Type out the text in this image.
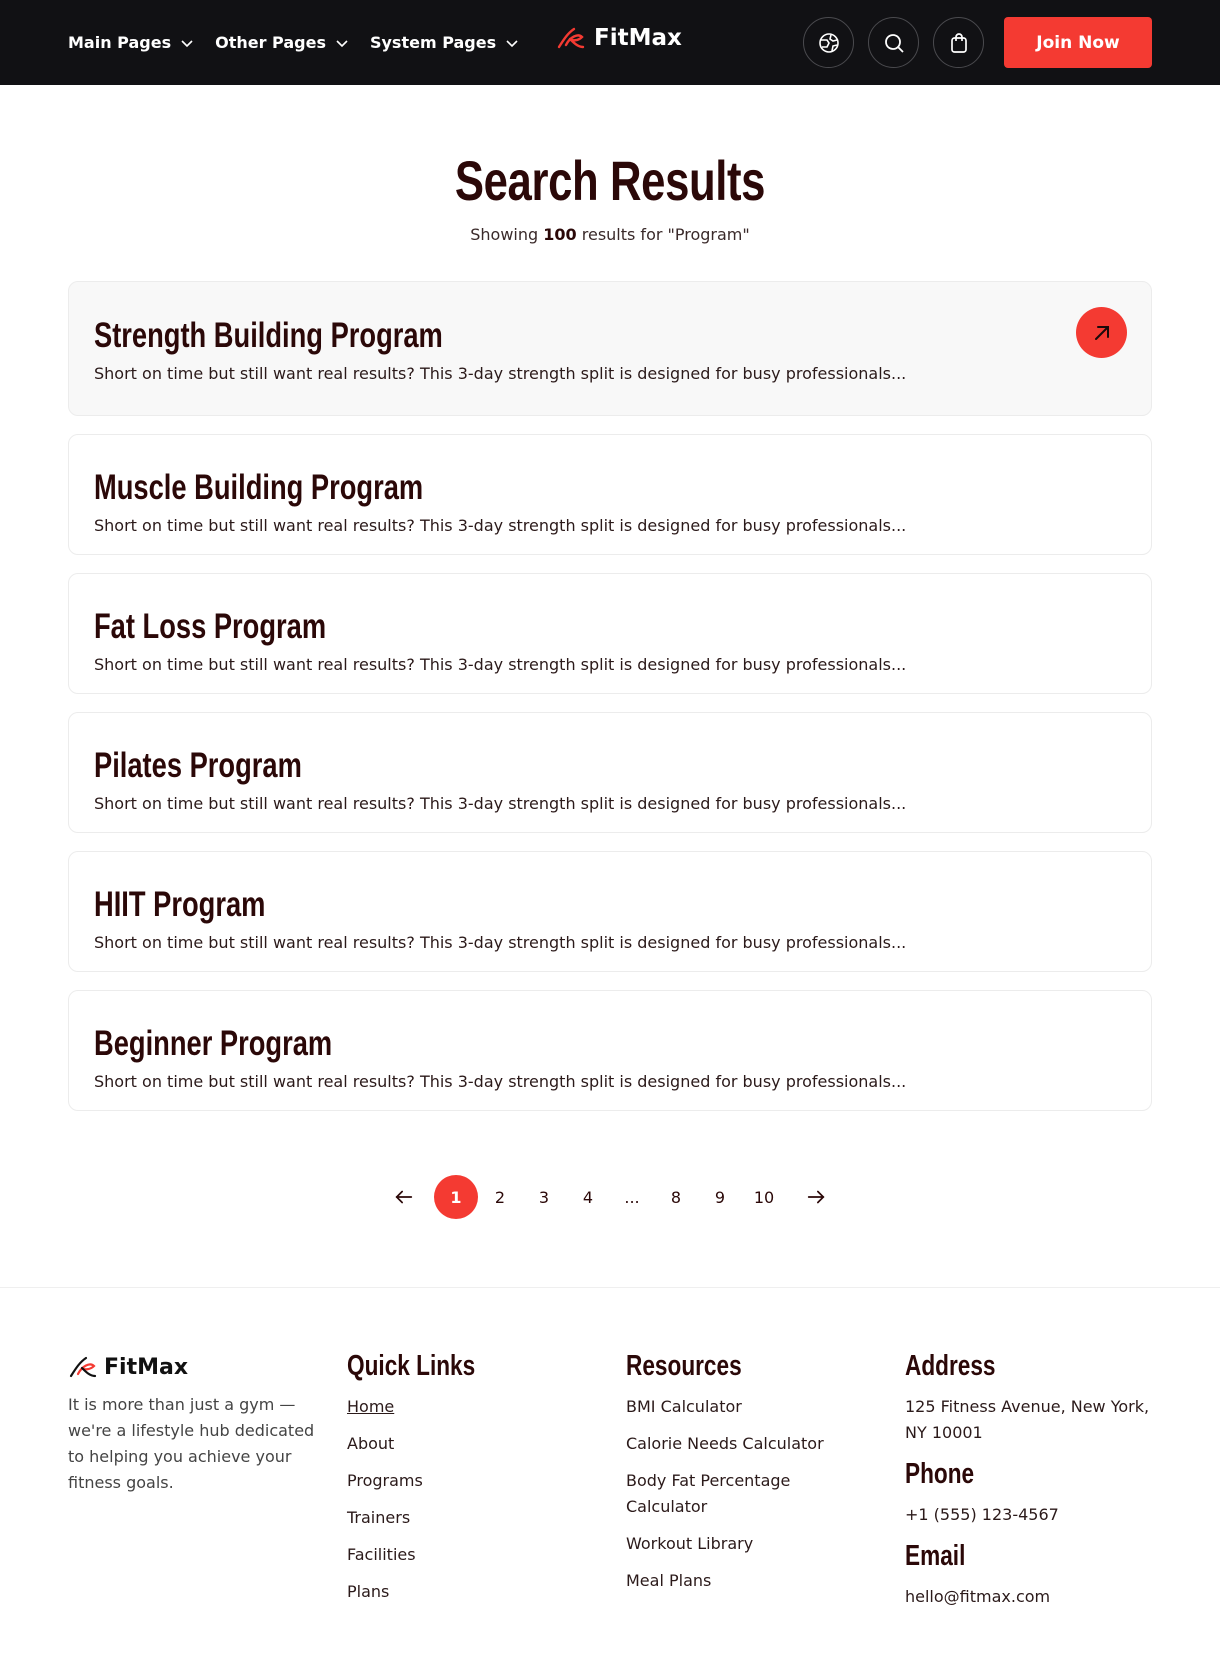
Main Pages	Other Pages	System Pages	FitMax	Join Now
Search Results

Showing 100 results for "Program"

Strength Building Program

Short on time but still want real results? This 3-day strength split is designed for busy professionals...

Muscle Building Program

Short on time but still want real results? This 3-day strength split is designed for busy professionals...

Fat Loss Program

Short on time but still want real results? This 3-day strength split is designed for busy professionals...

Pilates Program

Short on time but still want real results? This 3-day strength split is designed for busy professionals...

HIIT Program

Short on time but still want real results? This 3-day strength split is designed for busy professionals...

Beginner Program

Short on time but still want real results? This 3-day strength split is designed for busy professionals...

1	2	3	4	...	8	9	10
FitMax

It is more than just a gym — we're a lifestyle hub dedicated to helping you achieve your fitness goals.

Quick Links
Home
About
Programs
Trainers
Facilities
Plans
Resources
BMI Calculator
Calorie Needs Calculator
Body Fat Percentage Calculator
Workout Library
Meal Plans
Address

125 Fitness Avenue, New York, NY 10001

Phone

+1 (555) 123-4567

Email

hello@fitmax.com
